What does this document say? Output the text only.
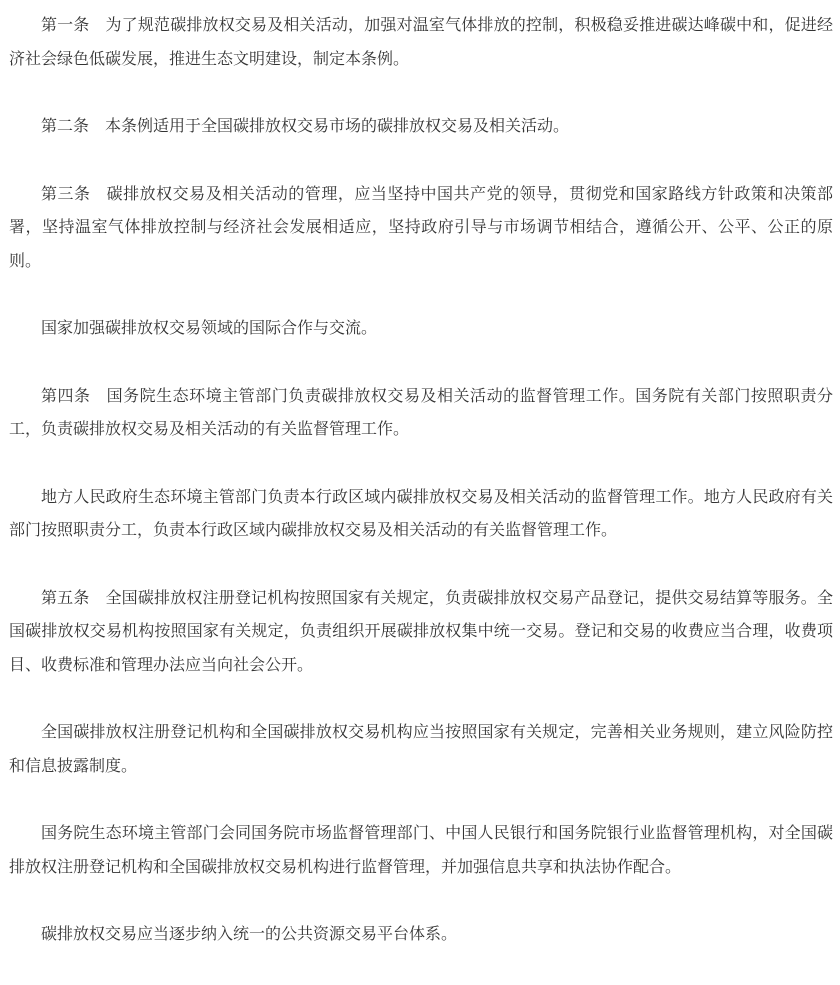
第一条 为了规范碳排放权交易及相关活动，加强对温室气体排放的控制，积极稳妥推进碳达峰碳中和，促进经济社会绿色低碳发展，推进生态文明建设，制定本条例。

第二条 本条例适用于全国碳排放权交易市场的碳排放权交易及相关活动。

第三条 碳排放权交易及相关活动的管理，应当坚持中国共产党的领导，贯彻党和国家路线方针政策和决策部署，坚持温室气体排放控制与经济社会发展相适应，坚持政府引导与市场调节相结合，遵循公开、公平、公正的原则。

国家加强碳排放权交易领域的国际合作与交流。

第四条 国务院生态环境主管部门负责碳排放权交易及相关活动的监督管理工作。国务院有关部门按照职责分工，负责碳排放权交易及相关活动的有关监督管理工作。

地方人民政府生态环境主管部门负责本行政区域内碳排放权交易及相关活动的监督管理工作。地方人民政府有关部门按照职责分工，负责本行政区域内碳排放权交易及相关活动的有关监督管理工作。

第五条 全国碳排放权注册登记机构按照国家有关规定，负责碳排放权交易产品登记，提供交易结算等服务。全国碳排放权交易机构按照国家有关规定，负责组织开展碳排放权集中统一交易。登记和交易的收费应当合理，收费项目、收费标准和管理办法应当向社会公开。

全国碳排放权注册登记机构和全国碳排放权交易机构应当按照国家有关规定，完善相关业务规则，建立风险防控和信息披露制度。

国务院生态环境主管部门会同国务院市场监督管理部门、中国人民银行和国务院银行业监督管理机构，对全国碳排放权注册登记机构和全国碳排放权交易机构进行监督管理，并加强信息共享和执法协作配合。

碳排放权交易应当逐步纳入统一的公共资源交易平台体系。
